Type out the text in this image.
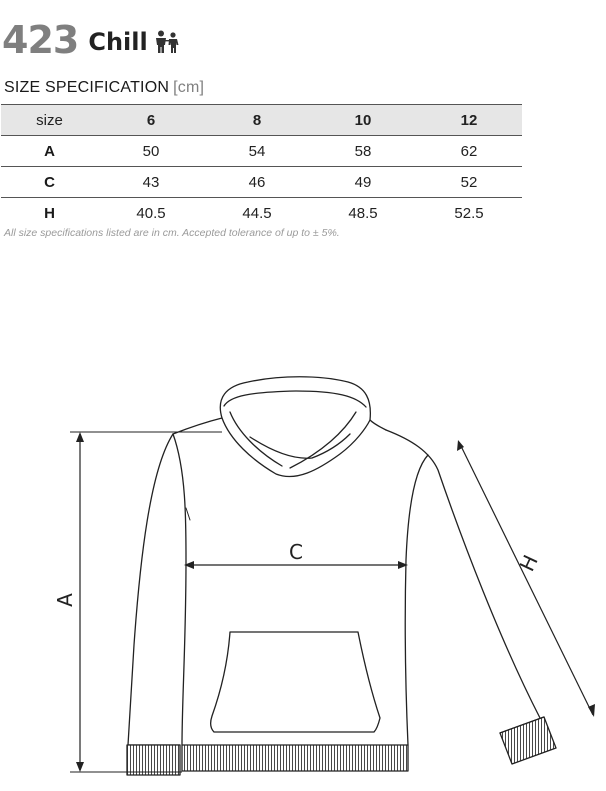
423 Chill
SIZE SPECIFICATION [cm]
size	6	8	10	12
A	50	54	58	62
C	43	46	49	52
H	40.5	44.5	48.5	52.5
All size specifications listed are in cm. Accepted tolerance of up to ± 5%.
A
C	H
